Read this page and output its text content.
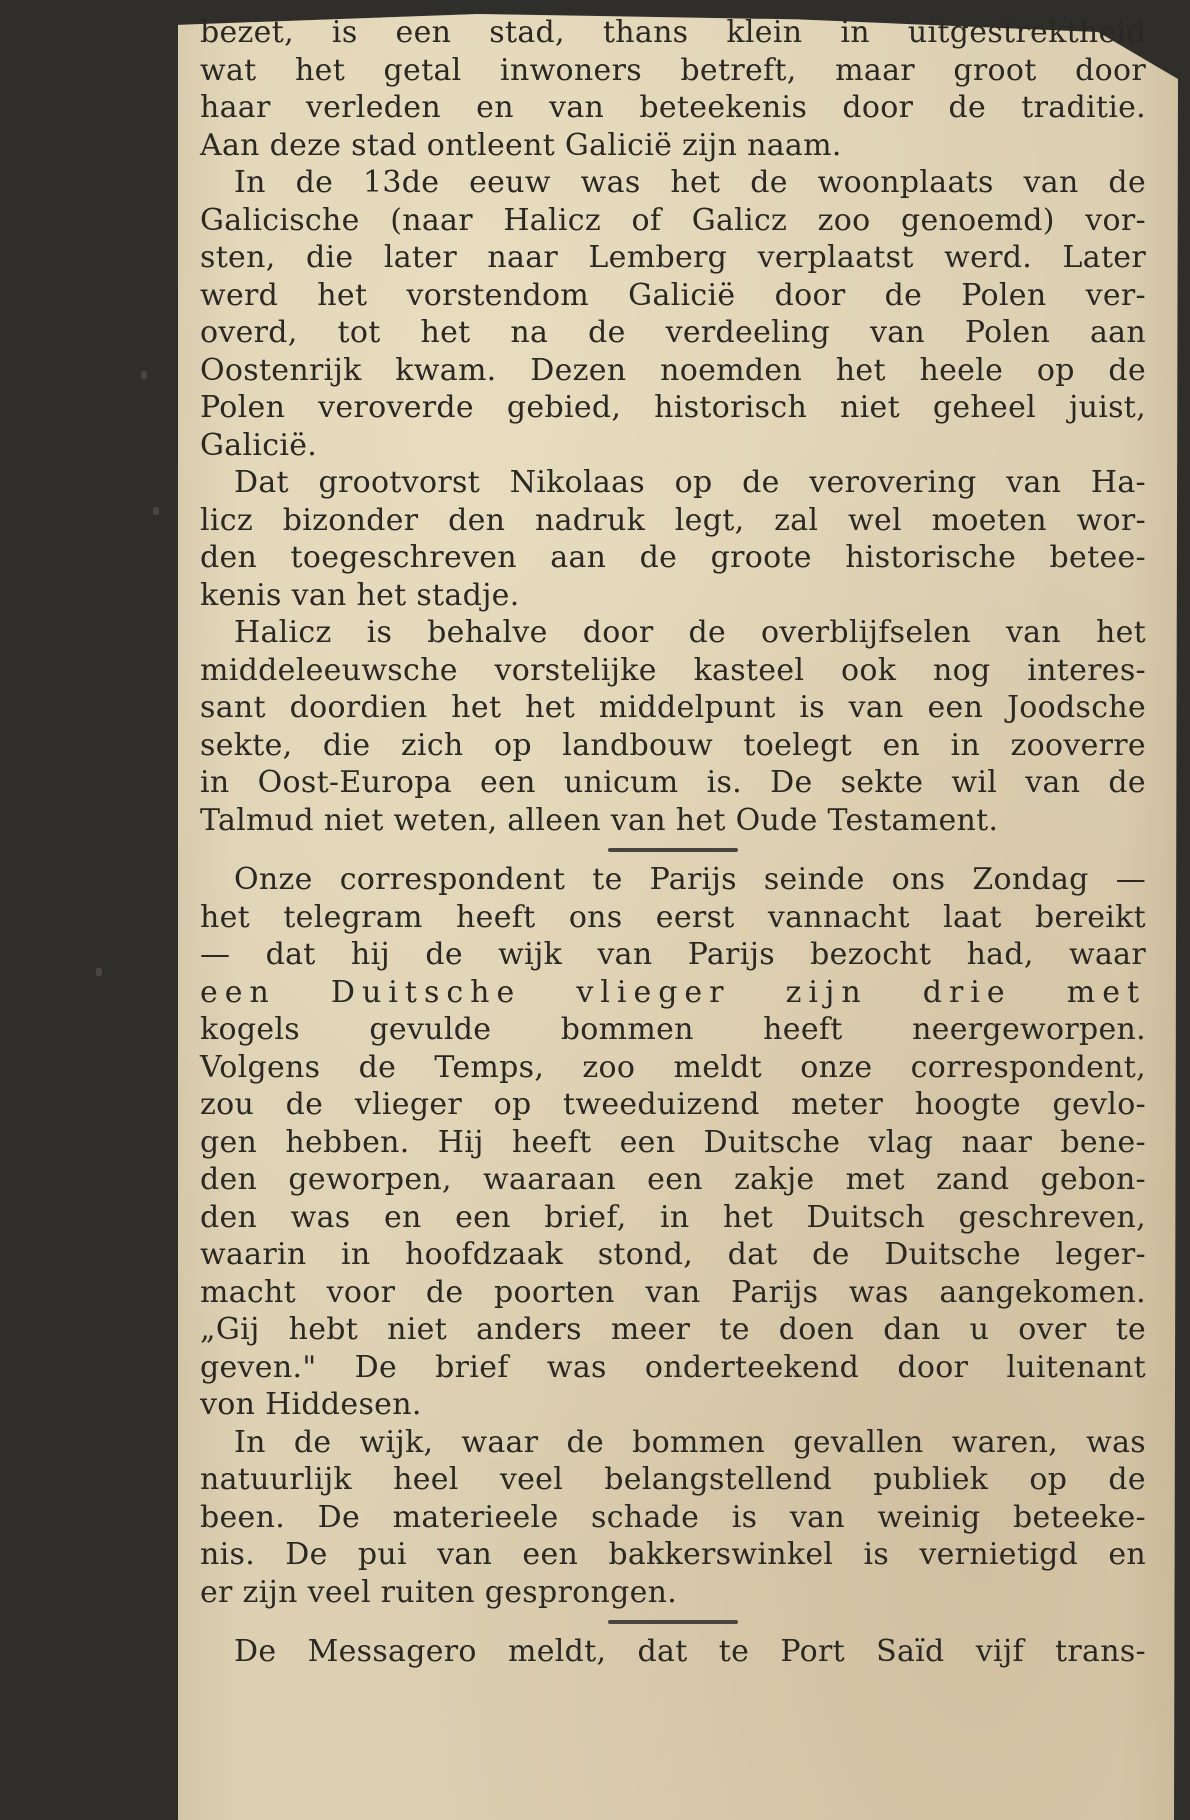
bezet, is een stad, thans klein in uitgestrektheid
wat het getal inwoners betreft, maar groot door
haar verleden en van beteekenis door de traditie.
Aan deze stad ontleent Galicië zijn naam.
In de 13de eeuw was het de woonplaats van de
Galicische (naar Halicz of Galicz zoo genoemd) vor-
sten, die later naar Lemberg verplaatst werd. Later
werd het vorstendom Galicië door de Polen ver-
overd, tot het na de verdeeling van Polen aan
Oostenrijk kwam. Dezen noemden het heele op de
Polen veroverde gebied, historisch niet geheel juist,
Galicië.
Dat grootvorst Nikolaas op de verovering van Ha-
licz bizonder den nadruk legt, zal wel moeten wor-
den toegeschreven aan de groote historische betee-
kenis van het stadje.
Halicz is behalve door de overblijfselen van het
middeleeuwsche vorstelijke kasteel ook nog interes-
sant doordien het het middelpunt is van een Joodsche
sekte, die zich op landbouw toelegt en in zooverre
in Oost-Europa een unicum is. De sekte wil van de
Talmud niet weten, alleen van het Oude Testament.
Onze correspondent te Parijs seinde ons Zondag —
het telegram heeft ons eerst vannacht laat bereikt
— dat hij de wijk van Parijs bezocht had, waar
een Duitsche vlieger zijn drie met
kogels gevulde bommen heeft neergeworpen.
Volgens de Temps, zoo meldt onze correspondent,
zou de vlieger op tweeduizend meter hoogte gevlo-
gen hebben. Hij heeft een Duitsche vlag naar bene-
den geworpen, waaraan een zakje met zand gebon-
den was en een brief, in het Duitsch geschreven,
waarin in hoofdzaak stond, dat de Duitsche leger-
macht voor de poorten van Parijs was aangekomen.
„Gij hebt niet anders meer te doen dan u over te
geven." De brief was onderteekend door luitenant
von Hiddesen.
In de wijk, waar de bommen gevallen waren, was
natuurlijk heel veel belangstellend publiek op de
been. De materieele schade is van weinig beteeke-
nis. De pui van een bakkerswinkel is vernietigd en
er zijn veel ruiten gesprongen.
De Messagero meldt, dat te Port Saïd vijf trans-
